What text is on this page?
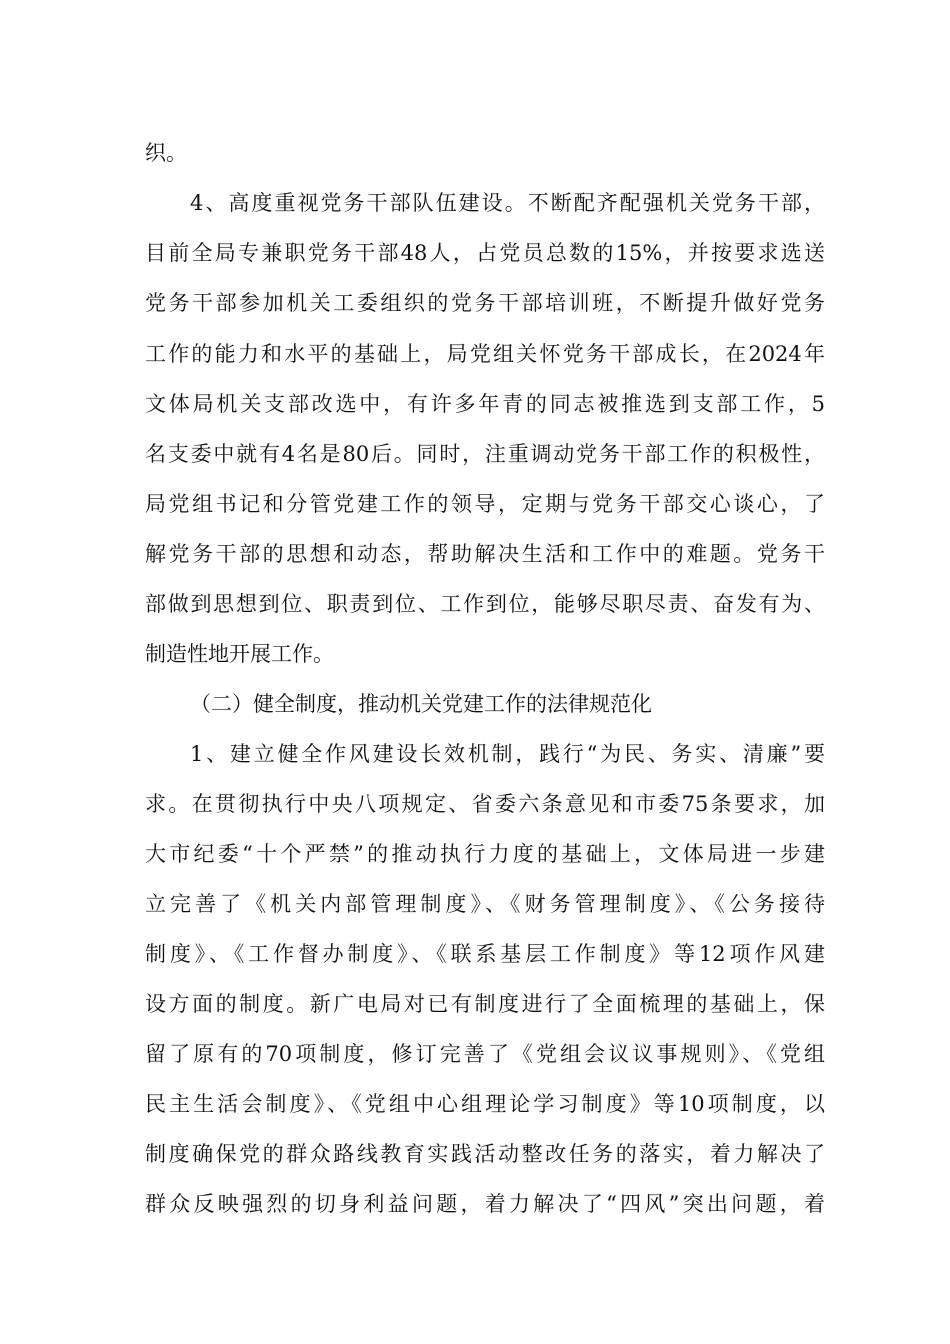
织。
4、高度重视党务干部队伍建设。不断配齐配强机关党务干部，
目前全局专兼职党务干部48人，占党员总数的15%，并按要求选送
党务干部参加机关工委组织的党务干部培训班，不断提升做好党务
工作的能力和水平的基础上，局党组关怀党务干部成长，在2024年
文体局机关支部改选中，有许多年青的同志被推选到支部工作，5
名支委中就有4名是80后。同时，注重调动党务干部工作的积极性，
局党组书记和分管党建工作的领导，定期与党务干部交心谈心，了
解党务干部的思想和动态，帮助解决生活和工作中的难题。党务干
部做到思想到位、职责到位、工作到位，能够尽职尽责、奋发有为、
制造性地开展工作。
（二）健全制度，推动机关党建工作的法律规范化
1、建立健全作风建设长效机制，践行“为民、务实、清廉”要
求。在贯彻执行中央八项规定、省委六条意见和市委75条要求，加
大市纪委“十个严禁”的推动执行力度的基础上，文体局进一步建
立完善了《机关内部管理制度》、《财务管理制度》、《公务接待
制度》、《工作督办制度》、《联系基层工作制度》等12项作风建
设方面的制度。新广电局对已有制度进行了全面梳理的基础上，保
留了原有的70项制度，修订完善了《党组会议议事规则》、《党组
民主生活会制度》、《党组中心组理论学习制度》等10项制度，以
制度确保党的群众路线教育实践活动整改任务的落实，着力解决了
群众反映强烈的切身利益问题，着力解决了“四风”突出问题，着
